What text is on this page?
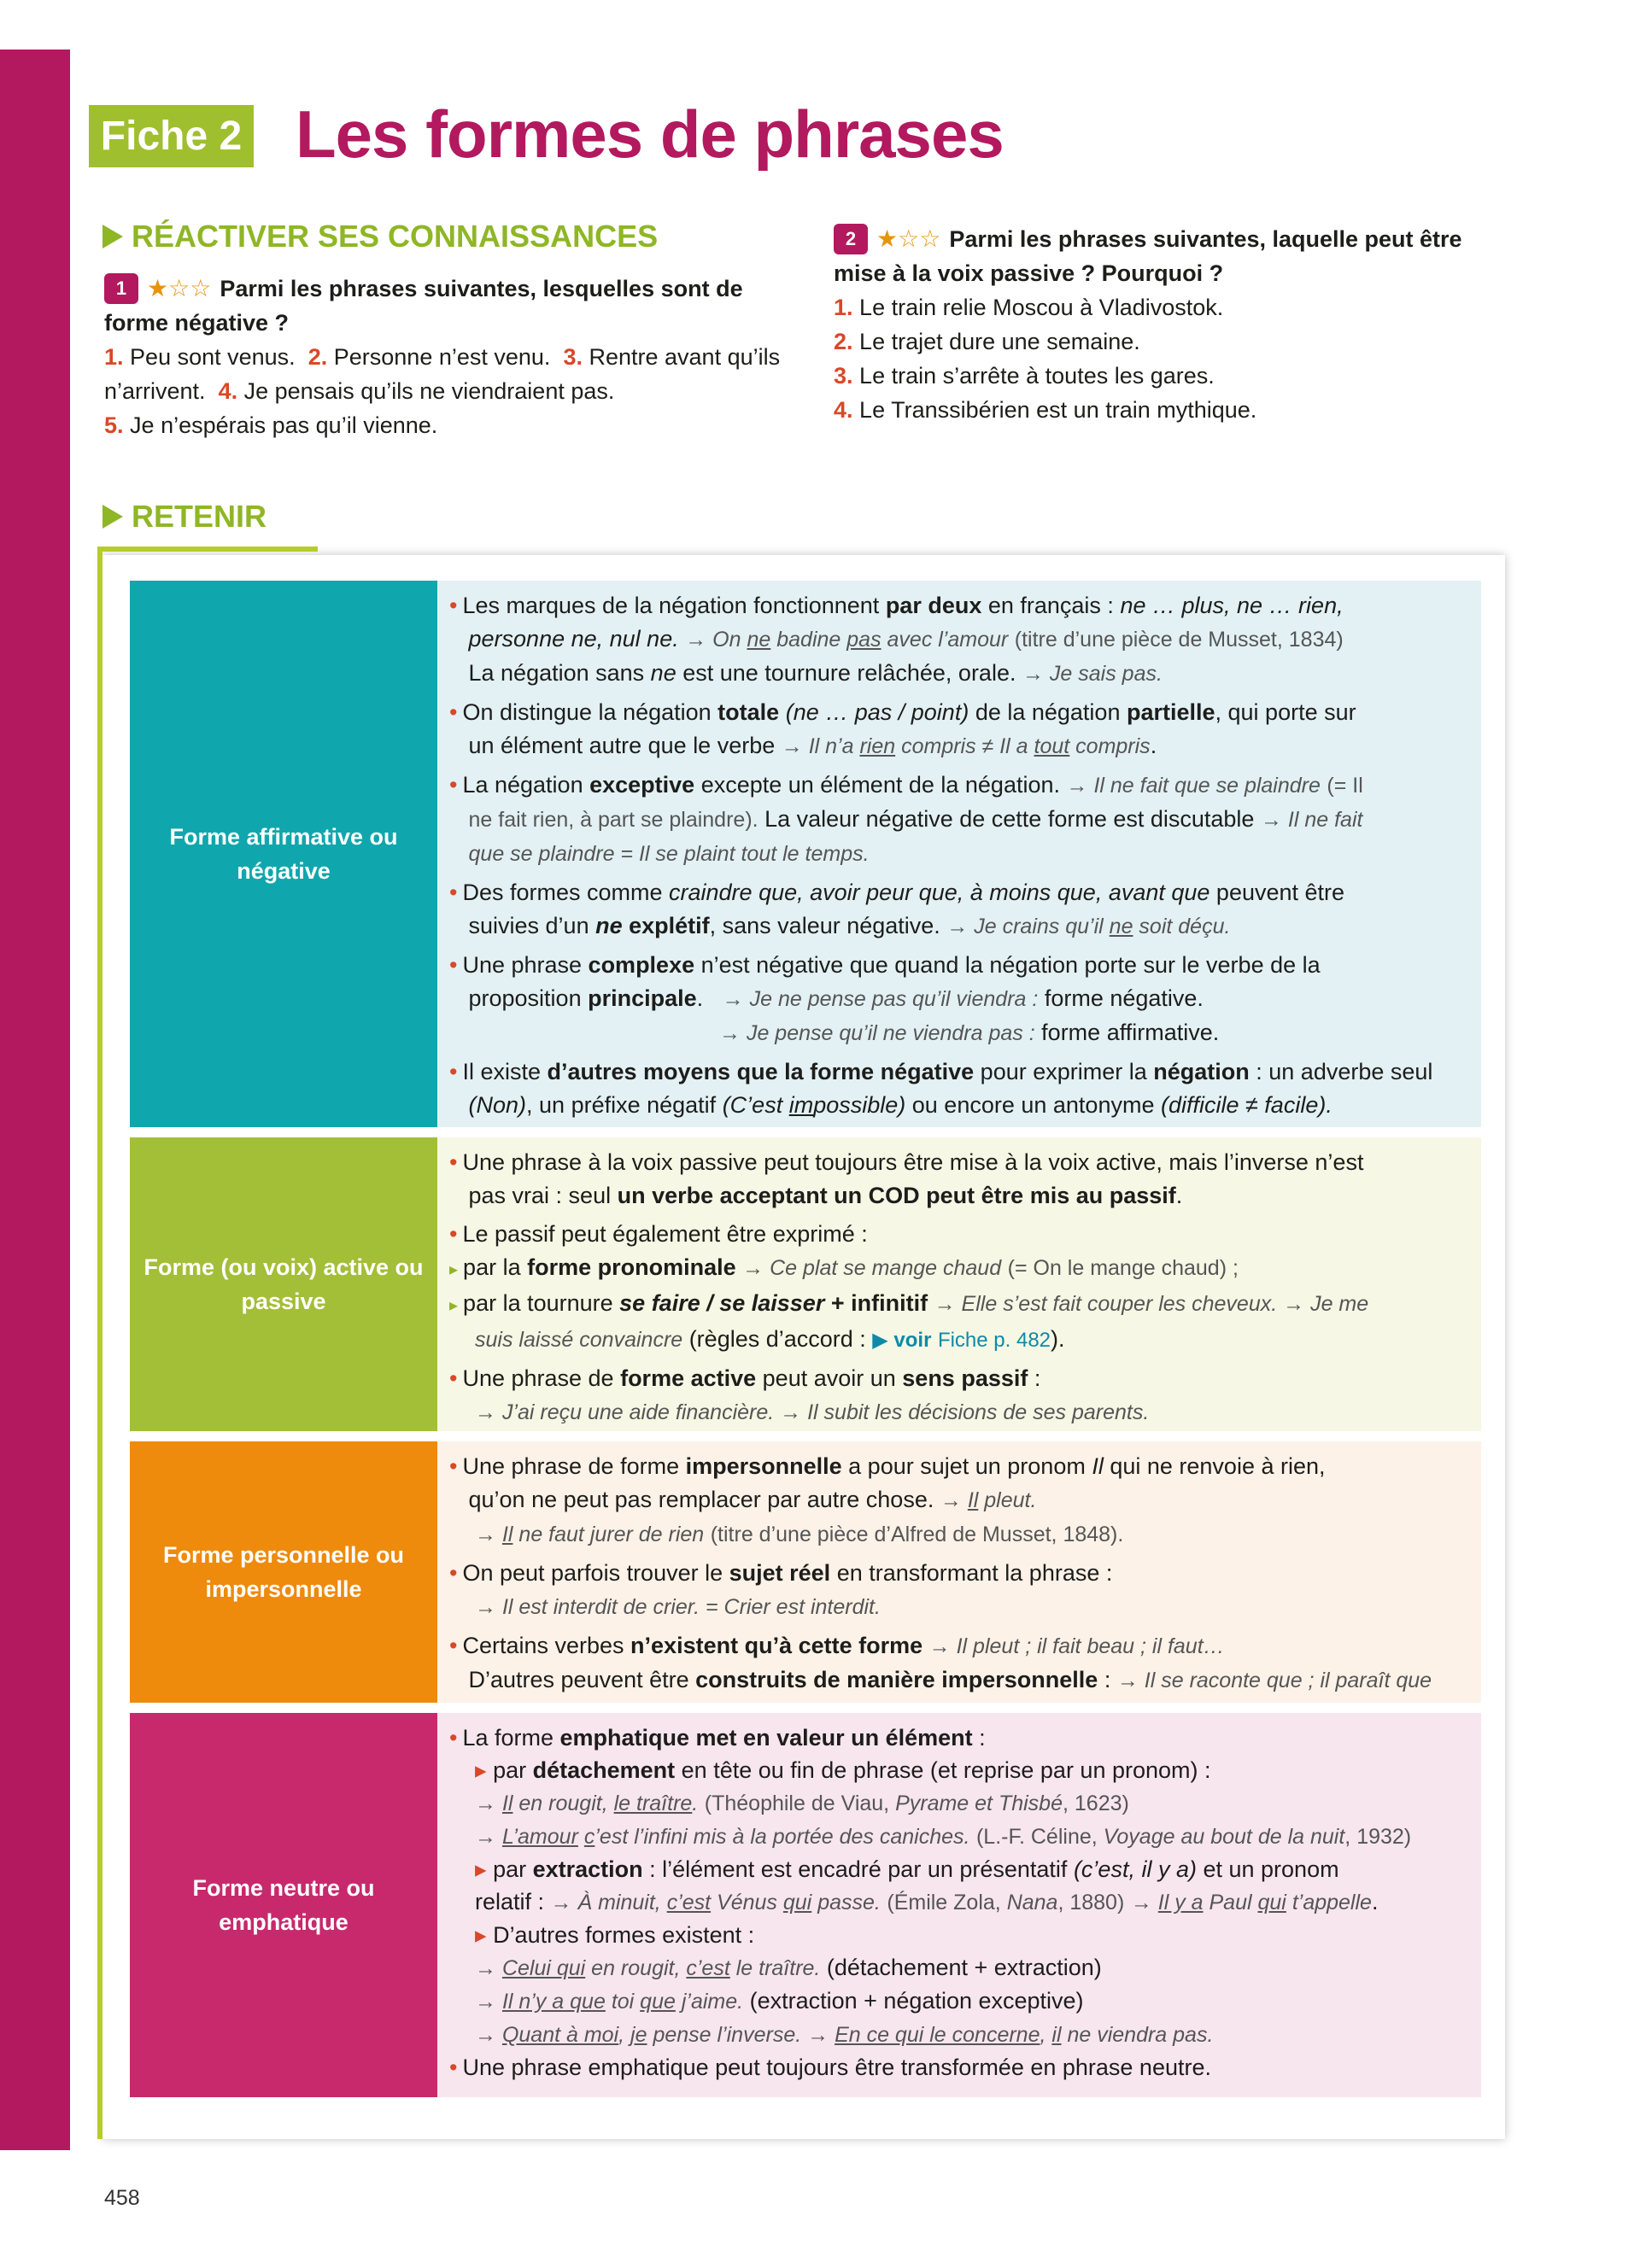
Fiche 2 Les formes de phrases
RÉACTIVER SES CONNAISSANCES
1 ★☆☆ Parmi les phrases suivantes, lesquelles sont de forme négative ?
1. Peu sont venus. 2. Personne n’est venu. 3. Rentre avant qu’ils n’arrivent. 4. Je pensais qu’ils ne viendraient pas.
5. Je n’espérais pas qu’il vienne.
2 ★☆☆ Parmi les phrases suivantes, laquelle peut être mise à la voix passive ? Pourquoi ?
1. Le train relie Moscou à Vladivostok.
2. Le trajet dure une semaine.
3. Le train s’arrête à toutes les gares.
4. Le Transsibérien est un train mythique.
RETENIR
Forme affirmative ou négative

• Les marques de la négation fonctionnent par deux en français : ne … plus, ne … rien,
personne ne, nul ne. → On ne badine pas avec l’amour (titre d’une pièce de Musset, 1834)
La négation sans ne est une tournure relâchée, orale. → Je sais pas.

• On distingue la négation totale (ne … pas / point) de la négation partielle, qui porte sur
un élément autre que le verbe → Il n’a rien compris ≠ Il a tout compris.

• La négation exceptive excepte un élément de la négation. → Il ne fait que se plaindre (= Il
ne fait rien, à part se plaindre). La valeur négative de cette forme est discutable → Il ne fait
que se plaindre = Il se plaint tout le temps.

• Des formes comme craindre que, avoir peur que, à moins que, avant que peuvent être
suivies d’un ne explétif, sans valeur négative. → Je crains qu’il ne soit déçu.

• Une phrase complexe n’est négative que quand la négation porte sur le verbe de la
proposition principale.   → Je ne pense pas qu’il viendra : forme négative.
→ Je pense qu’il ne viendra pas : forme affirmative.

• Il existe d’autres moyens que la forme négative pour exprimer la négation : un adverbe seul
(Non), un préfixe négatif (C’est impossible) ou encore un antonyme (difficile ≠ facile).

Forme (ou voix) active ou passive

• Une phrase à la voix passive peut toujours être mise à la voix active, mais l’inverse n’est
pas vrai : seul un verbe acceptant un COD peut être mis au passif.

• Le passif peut également être exprimé :

▸ par la forme pronominale → Ce plat se mange chaud (= On le mange chaud) ;

▸ par la tournure se faire / se laisser + infinitif → Elle s’est fait couper les cheveux. → Je me
suis laissé convaincre (règles d’accord : ▶ voir Fiche p. 482).

• Une phrase de forme active peut avoir un sens passif :
→ J’ai reçu une aide financière. → Il subit les décisions de ses parents.

Forme personnelle ou impersonnelle

• Une phrase de forme impersonnelle a pour sujet un pronom Il qui ne renvoie à rien,
qu’on ne peut pas remplacer par autre chose. → Il pleut.
→ Il ne faut jurer de rien (titre d’une pièce d’Alfred de Musset, 1848).

• On peut parfois trouver le sujet réel en transformant la phrase :
→ Il est interdit de crier. = Crier est interdit.

• Certains verbes n’existent qu’à cette forme → Il pleut ; il fait beau ; il faut…
D’autres peuvent être construits de manière impersonnelle : → Il se raconte que ; il paraît que

Forme neutre ou emphatique

• La forme emphatique met en valeur un élément :

▸ par détachement en tête ou fin de phrase (et reprise par un pronom) :

→ Il en rougit, le traître. (Théophile de Viau, Pyrame et Thisbé, 1623)

→ L’amour c’est l’infini mis à la portée des caniches. (L.-F. Céline, Voyage au bout de la nuit, 1932)

▸ par extraction : l’élément est encadré par un présentatif (c’est, il y a) et un pronom

relatif : → À minuit, c’est Vénus qui passe. (Émile Zola, Nana, 1880) → Il y a Paul qui t’appelle.

▸ D’autres formes existent :

→ Celui qui en rougit, c’est le traître. (détachement + extraction)

→ Il n’y a que toi que j’aime. (extraction + négation exceptive)

→ Quant à moi, je pense l’inverse. → En ce qui le concerne, il ne viendra pas.

• Une phrase emphatique peut toujours être transformée en phrase neutre.

458
